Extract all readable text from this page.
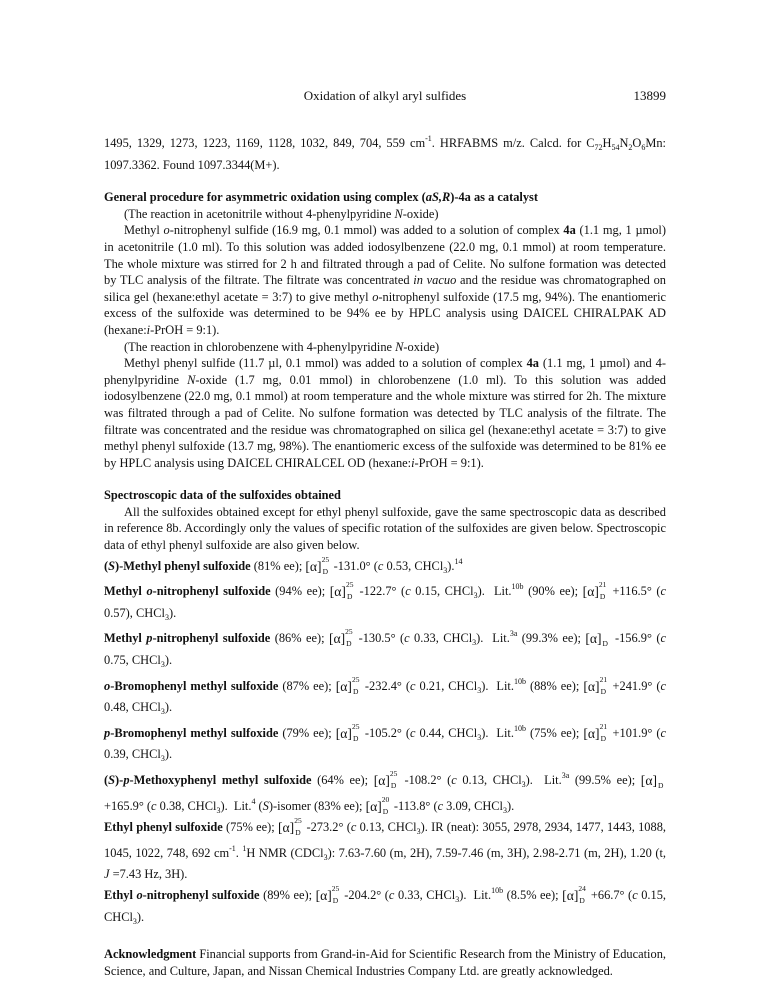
Oxidation of alkyl aryl sulfides	13899

1495, 1329, 1273, 1223, 1169, 1128, 1032, 849, 704, 559 $cm^{-1}$. HRFABMS m/z. Calcd. for $C_{72}H_{54}N_2O_6Mn$: 1097.3362. Found 1097.3344(M+).

General procedure for asymmetric oxidation using complex (aS,R)-4a as a catalyst

(The reaction in acetonitrile without 4-phenylpyridine N-oxide)

Methyl o-nitrophenyl sulfide (16.9 mg, 0.1 mmol) was added to a solution of complex 4a (1.1 mg, 1 µmol) in acetonitrile (1.0 ml). To this solution was added iodosylbenzene (22.0 mg, 0.1 mmol) at room temperature. The whole mixture was stirred for 2 h and filtrated through a pad of Celite. No sulfone formation was detected by TLC analysis of the filtrate. The filtrate was concentrated in vacuo and the residue was chromatographed on silica gel (hexane:ethyl acetate = 3:7) to give methyl o-nitrophenyl sulfoxide (17.5 mg, 94%). The enantiomeric excess of the sulfoxide was determined to be 94% ee by HPLC analysis using DAICEL CHIRALPAK AD (hexane:i-PrOH = 9:1).

(The reaction in chlorobenzene with 4-phenylpyridine N-oxide)

Methyl phenyl sulfide (11.7 µl, 0.1 mmol) was added to a solution of complex 4a (1.1 mg, 1 µmol) and 4-phenylpyridine N-oxide (1.7 mg, 0.01 mmol) in chlorobenzene (1.0 ml). To this solution was added iodosylbenzene (22.0 mg, 0.1 mmol) at room temperature and the whole mixture was stirred for 2h. The mixture was filtrated through a pad of Celite. No sulfone formation was detected by TLC analysis of the filtrate. The filtrate was concentrated and the residue was chromatographed on silica gel (hexane:ethyl acetate = 3:7) to give methyl phenyl sulfoxide (13.7 mg, 98%). The enantiomeric excess of the sulfoxide was determined to be 81% ee by HPLC analysis using DAICEL CHIRALCEL OD (hexane:i-PrOH = 9:1).

Spectroscopic data of the sulfoxides obtained

All the sulfoxides obtained except for ethyl phenyl sulfoxide, gave the same spectroscopic data as described in reference 8b. Accordingly only the values of specific rotation of the sulfoxides are given below. Spectroscopic data of ethyl phenyl sulfoxide are also given below.

(S)-Methyl phenyl sulfoxide (81% ee); [α] 25
D -131.0° (c 0.53, CHCl$_3$).$^{14}$

Methyl o-nitrophenyl sulfoxide (94% ee); [α] 25
D -122.7° (c 0.15, CHCl$_3$).  Lit.$^{10b}$ (90% ee); [α] 21
D +116.5° (c 0.57), CHCl$_3$).

Methyl p-nitrophenyl sulfoxide (86% ee); [α] 25
D -130.5° (c 0.33, CHCl$_3$).  Lit.$^{3a}$ (99.3% ee); [α] D -156.9° (c 0.75, CHCl$_3$).

o-Bromophenyl methyl sulfoxide (87% ee); [α] 25
D -232.4° (c 0.21, CHCl$_3$).  Lit.$^{10b}$ (88% ee); [α] 21
D +241.9° (c 0.48, CHCl$_3$).

p-Bromophenyl methyl sulfoxide (79% ee); [α] 25
D -105.2° (c 0.44, CHCl$_3$).  Lit.$^{10b}$ (75% ee); [α] 21
D +101.9° (c 0.39, CHCl$_3$).

(S)-p-Methoxyphenyl methyl sulfoxide (64% ee); [α] 25
D -108.2° (c 0.13, CHCl$_3$).  Lit.$^{3a}$ (99.5% ee); [α] D
+165.9° (c 0.38, CHCl$_3$).  Lit.$^4$ (S)-isomer (83% ee); [α] 20
D -113.8° (c 3.09, CHCl$_3$).

Ethyl phenyl sulfoxide (75% ee); [α] 25
D -273.2° (c 0.13, CHCl$_3$). IR (neat): 3055, 2978, 2934, 1477, 1443, 1088, 1045, 1022, 748, 692 $cm^{-1}$. $^1$H NMR (CDCl$_3$): 7.63-7.60 (m, 2H), 7.59-7.46 (m, 3H), 2.98-2.71 (m, 2H), 1.20 (t, J =7.43 Hz, 3H).

Ethyl o-nitrophenyl sulfoxide (89% ee); [α] 25
D -204.2° (c 0.33, CHCl$_3$).  Lit.$^{10b}$ (8.5% ee); [α] 24
D +66.7° (c 0.15, CHCl$_3$).

Acknowledgment Financial supports from Grand-in-Aid for Scientific Research from the Ministry of Education, Science, and Culture, Japan, and Nissan Chemical Industries Company Ltd. are greatly acknowledged.
